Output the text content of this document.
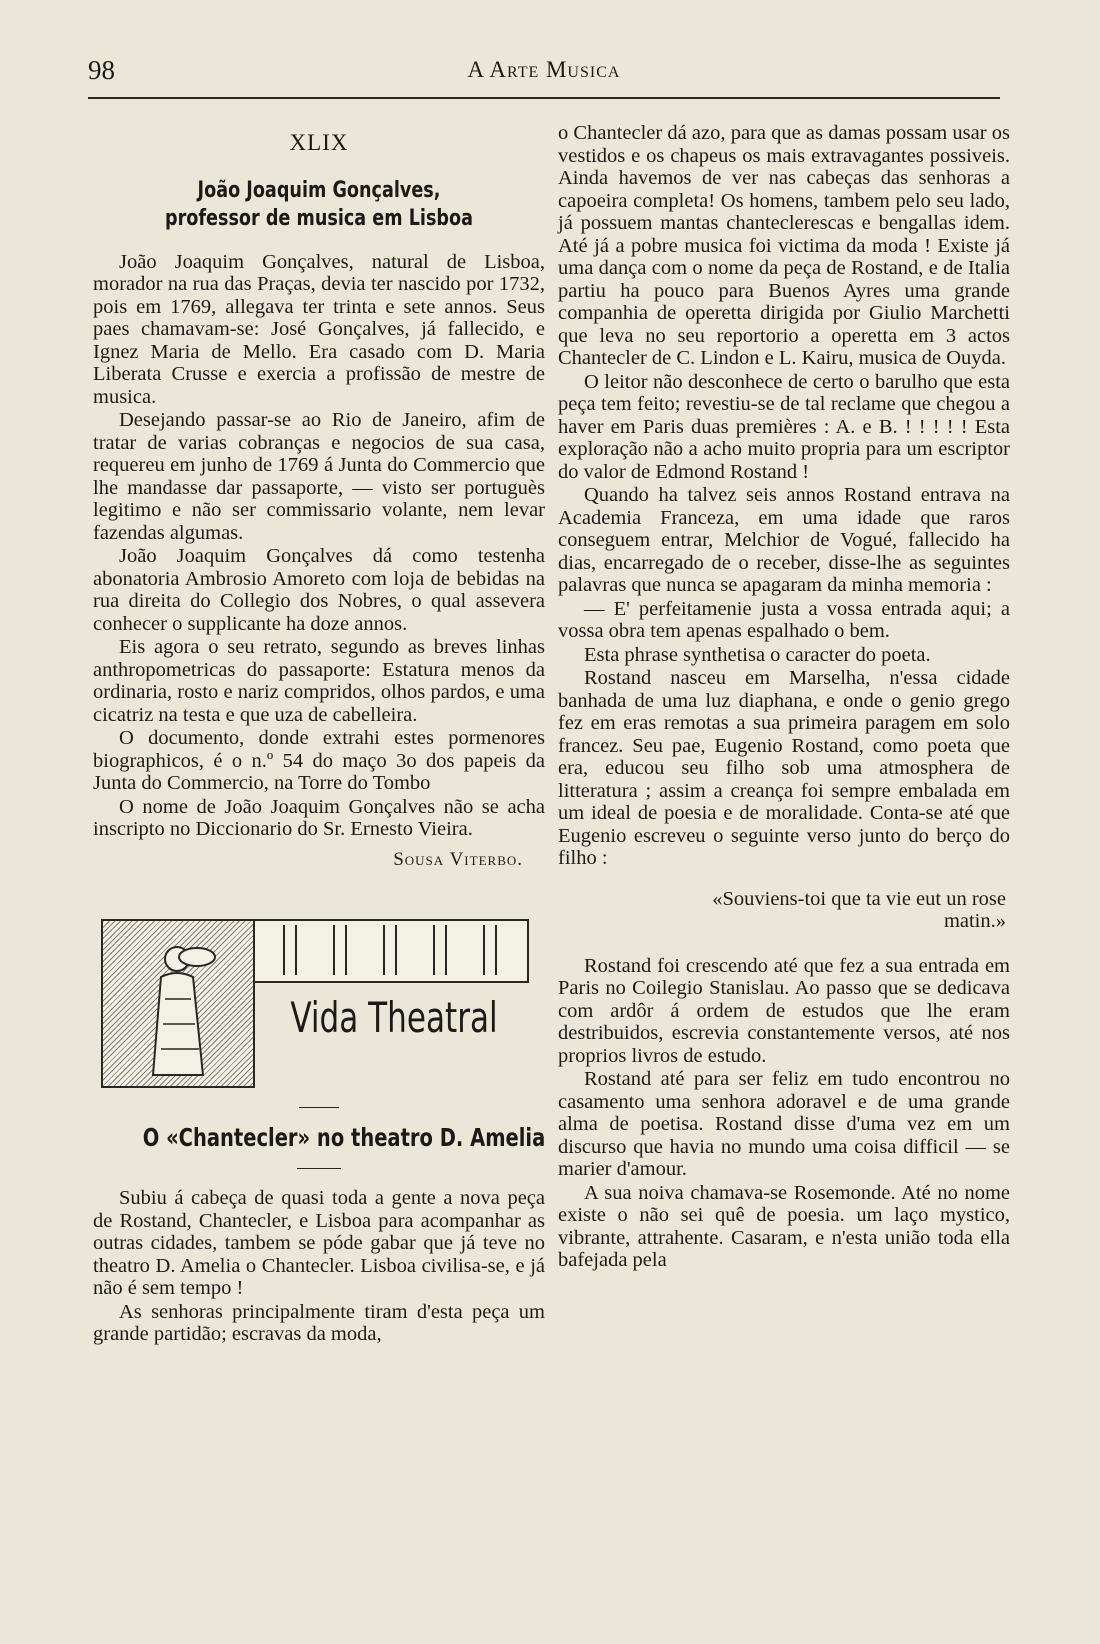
98	A Arte Musica
XLIX
João Joaquim Gonçalves,
professor de musica em Lisboa

João Joaquim Gonçalves, natural de Lisboa, morador na rua das Praças, devia ter nascido por 1732, pois em 1769, allegava ter trinta e sete annos. Seus paes chamavam-se: José Gonçalves, já fallecido, e Ignez Maria de Mello. Era casado com D. Maria Liberata Crusse e exercia a profissão de mestre de musica.

Desejando passar-se ao Rio de Janeiro, afim de tratar de varias cobranças e negocios de sua casa, requereu em junho de 1769 á Junta do Commercio que lhe mandasse dar passaporte, — visto ser portuguès legitimo e não ser commissario volante, nem levar fazendas algumas.

João Joaquim Gonçalves dá como testenha abonatoria Ambrosio Amoreto com loja de bebidas na rua direita do Collegio dos Nobres, o qual assevera conhecer o supplicante ha doze annos.

Eis agora o seu retrato, segundo as breves linhas anthropometricas do passaporte: Estatura menos da ordinaria, rosto e nariz compridos, olhos pardos, e uma cicatriz na testa e que uza de cabelleira.

O documento, donde extrahi estes pormenores biographicos, é o n.º 54 do maço 3o dos papeis da Junta do Commercio, na Torre do Tombo

O nome de João Joaquim Gonçalves não se acha inscripto no Diccionario do Sr. Ernesto Vieira.

Sousa Viterbo.
Vida Theatral
O «Chantecler» no theatro D. Amelia

Subiu á cabeça de quasi toda a gente a nova peça de Rostand, Chantecler, e Lisboa para acompanhar as outras cidades, tambem se póde gabar que já teve no theatro D. Amelia o Chantecler. Lisboa civilisa-se, e já não é sem tempo !

As senhoras principalmente tiram d'esta peça um grande partidão; escravas da moda,

o Chantecler dá azo, para que as damas possam usar os vestidos e os chapeus os mais extravagantes possiveis. Ainda havemos de ver nas cabeças das senhoras a capoeira completa! Os homens, tambem pelo seu lado, já possuem mantas chanteclerescas e bengallas idem. Até já a pobre musica foi victima da moda ! Existe já uma dança com o nome da peça de Rostand, e de Italia partiu ha pouco para Buenos Ayres uma grande companhia de operetta dirigida por Giulio Marchetti que leva no seu reportorio a operetta em 3 actos Chantecler de C. Lindon e L. Kairu, musica de Ouyda.

O leitor não desconhece de certo o barulho que esta peça tem feito; revestiu-se de tal reclame que chegou a haver em Paris duas premières : A. e B. ! ! ! ! ! Esta exploração não a acho muito propria para um escriptor do valor de Edmond Rostand !

Quando ha talvez seis annos Rostand entrava na Academia Franceza, em uma idade que raros conseguem entrar, Melchior de Vogué, fallecido ha dias, encarregado de o receber, disse-lhe as seguintes palavras que nunca se apagaram da minha memoria :

— E' perfeitamenie justa a vossa entrada aqui; a vossa obra tem apenas espalhado o bem.

Esta phrase synthetisa o caracter do poeta.

Rostand nasceu em Marselha, n'essa cidade banhada de uma luz diaphana, e onde o genio grego fez em eras remotas a sua primeira paragem em solo francez. Seu pae, Eugenio Rostand, como poeta que era, educou seu filho sob uma atmosphera de litteratura ; assim a creança foi sempre embalada em um ideal de poesia e de moralidade. Conta-se até que Eugenio escreveu o seguinte verso junto do berço do filho :

«Souviens-toi que ta vie eut un rose
matin.»

Rostand foi crescendo até que fez a sua entrada em Paris no Coilegio Stanislau. Ao passo que se dedicava com ardôr á ordem de estudos que lhe eram destribuidos, escrevia constantemente versos, até nos proprios livros de estudo.

Rostand até para ser feliz em tudo encontrou no casamento uma senhora adoravel e de uma grande alma de poetisa. Rostand disse d'uma vez em um discurso que havia no mundo uma coisa difficil — se marier d'amour.

A sua noiva chamava-se Rosemonde. Até no nome existe o não sei quê de poesia. um laço mystico, vibrante, attrahente. Casaram, e n'esta união toda ella bafejada pela
